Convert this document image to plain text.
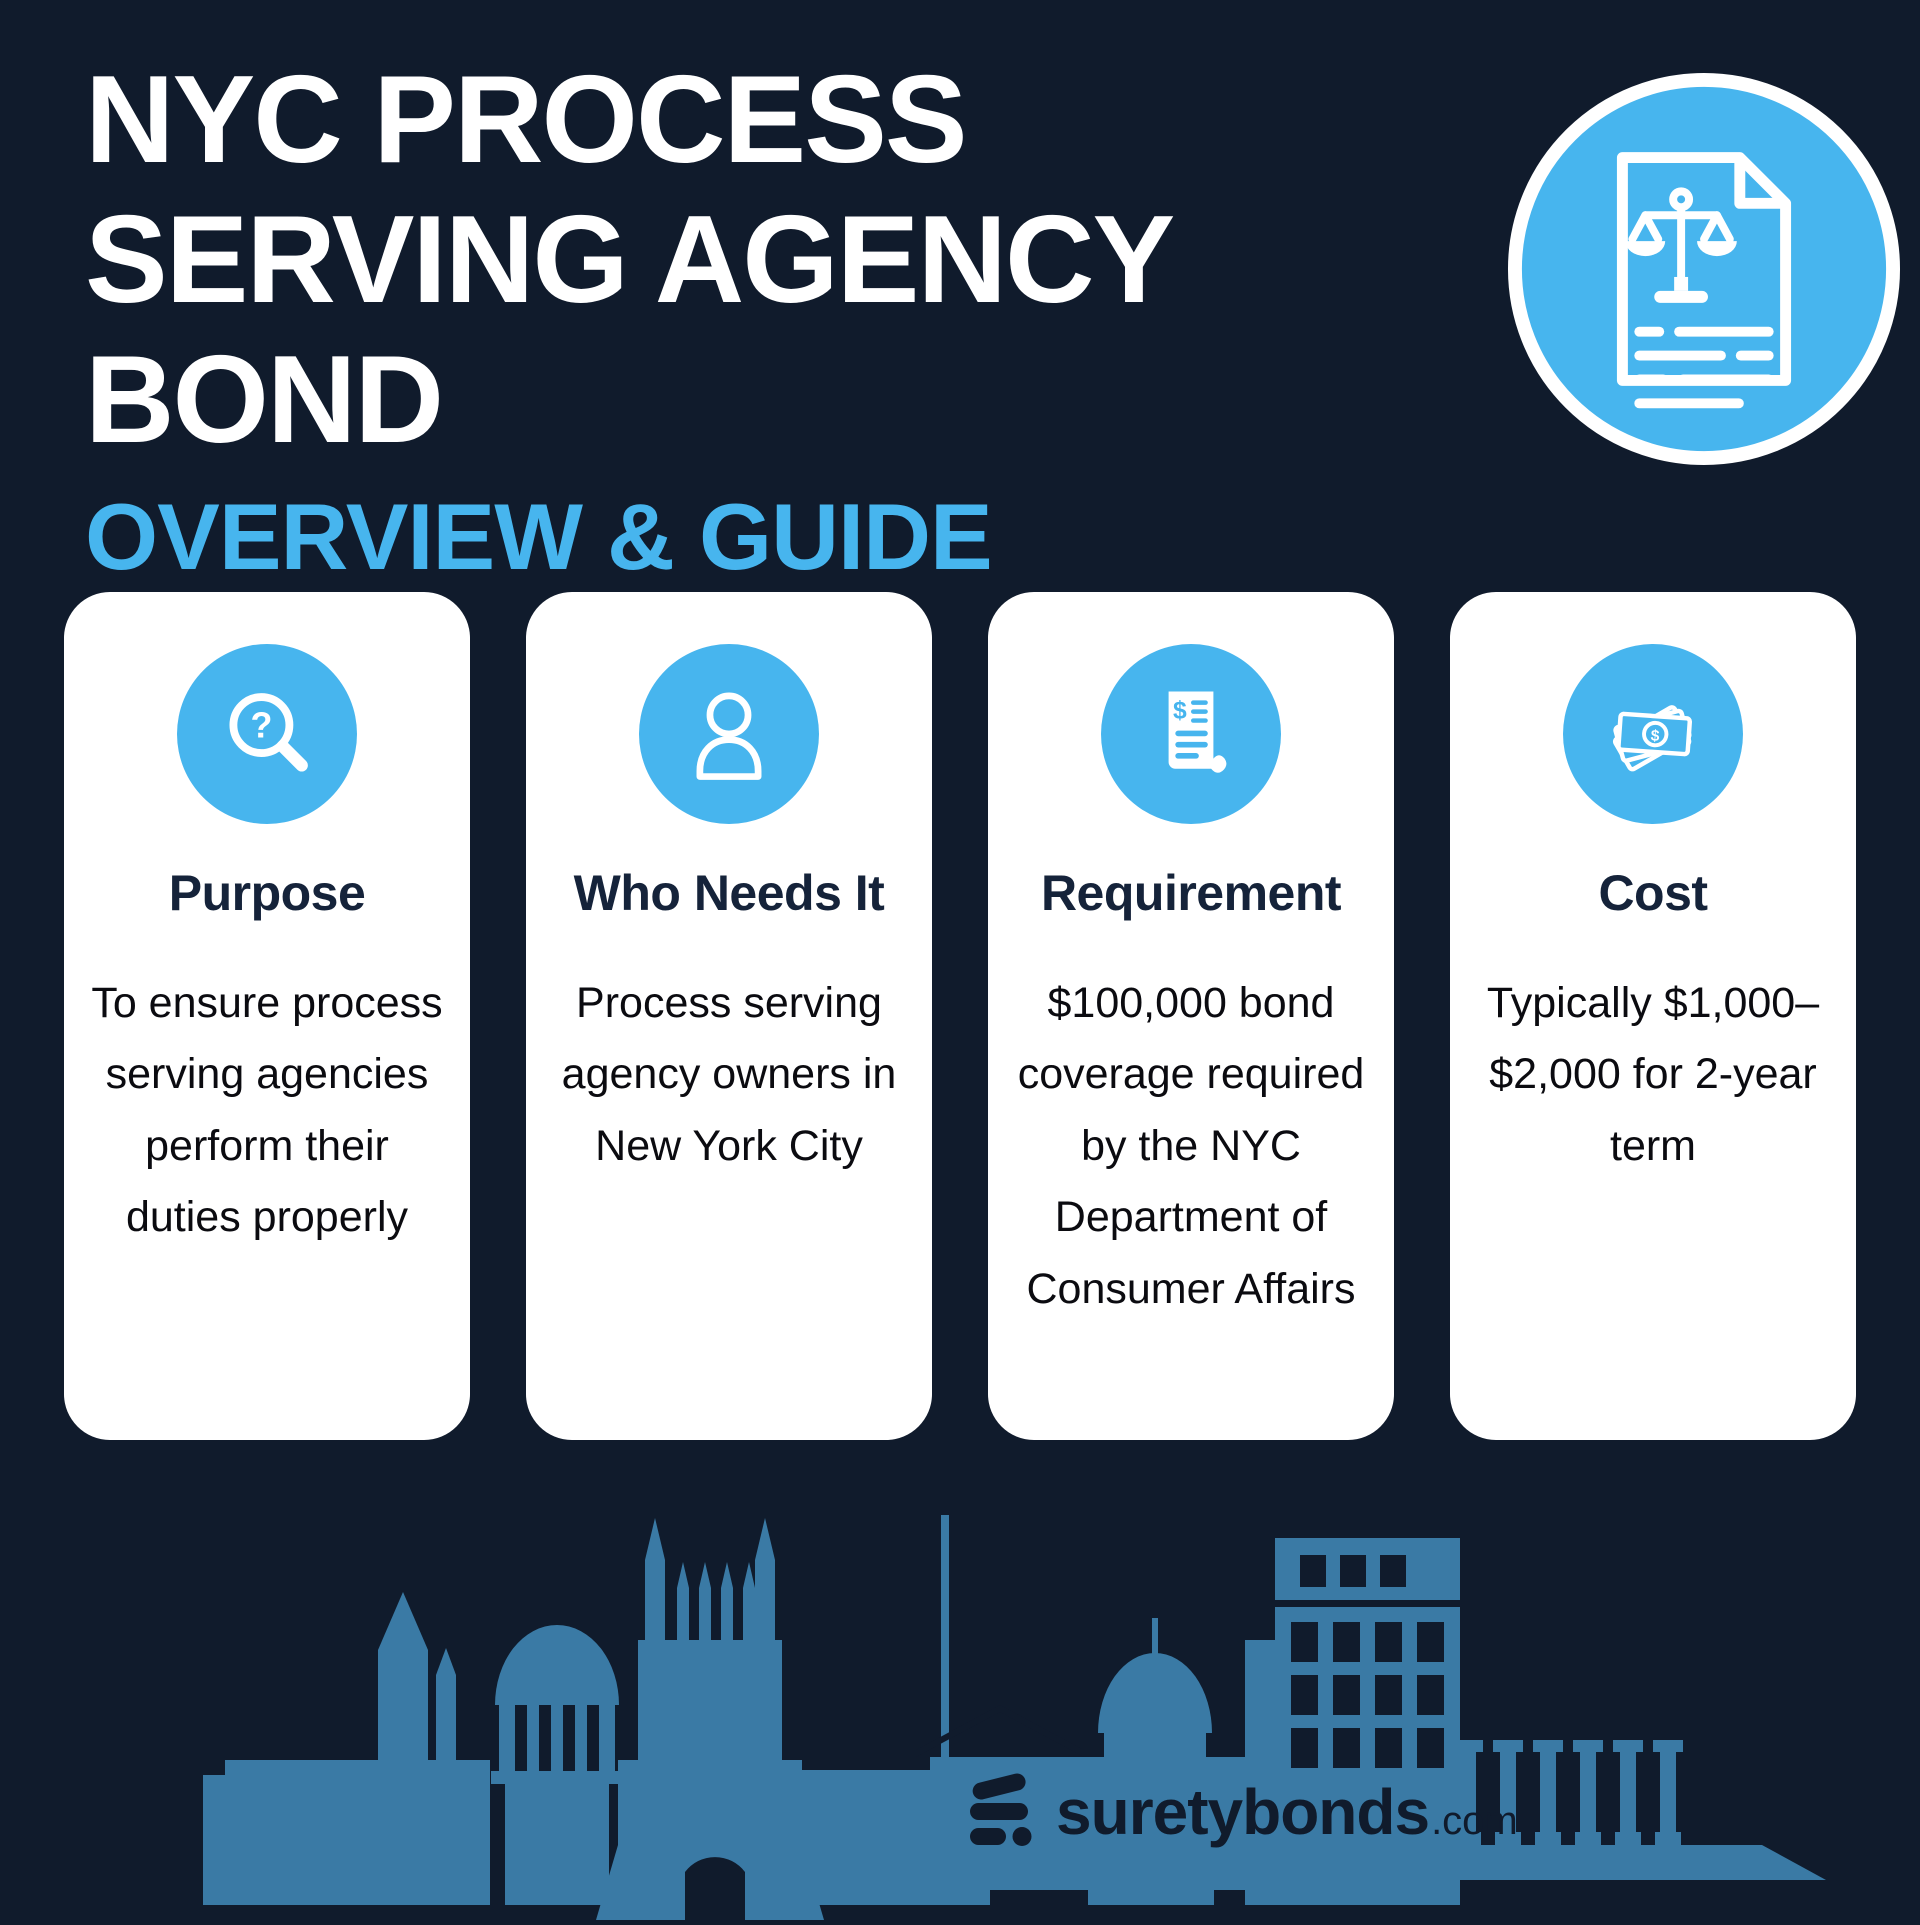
NYC PROCESS
SERVING AGENCY
BOND
OVERVIEW & GUIDE
?
Purpose
To ensure process serving agencies perform their duties properly
Who Needs It
Process serving agency owners in New York City
$
Requirement
$100,000 bond coverage required by the NYC Department of Consumer Affairs
$
Cost
Typically $1,000–$2,000 for 2-year term
suretybonds .com
